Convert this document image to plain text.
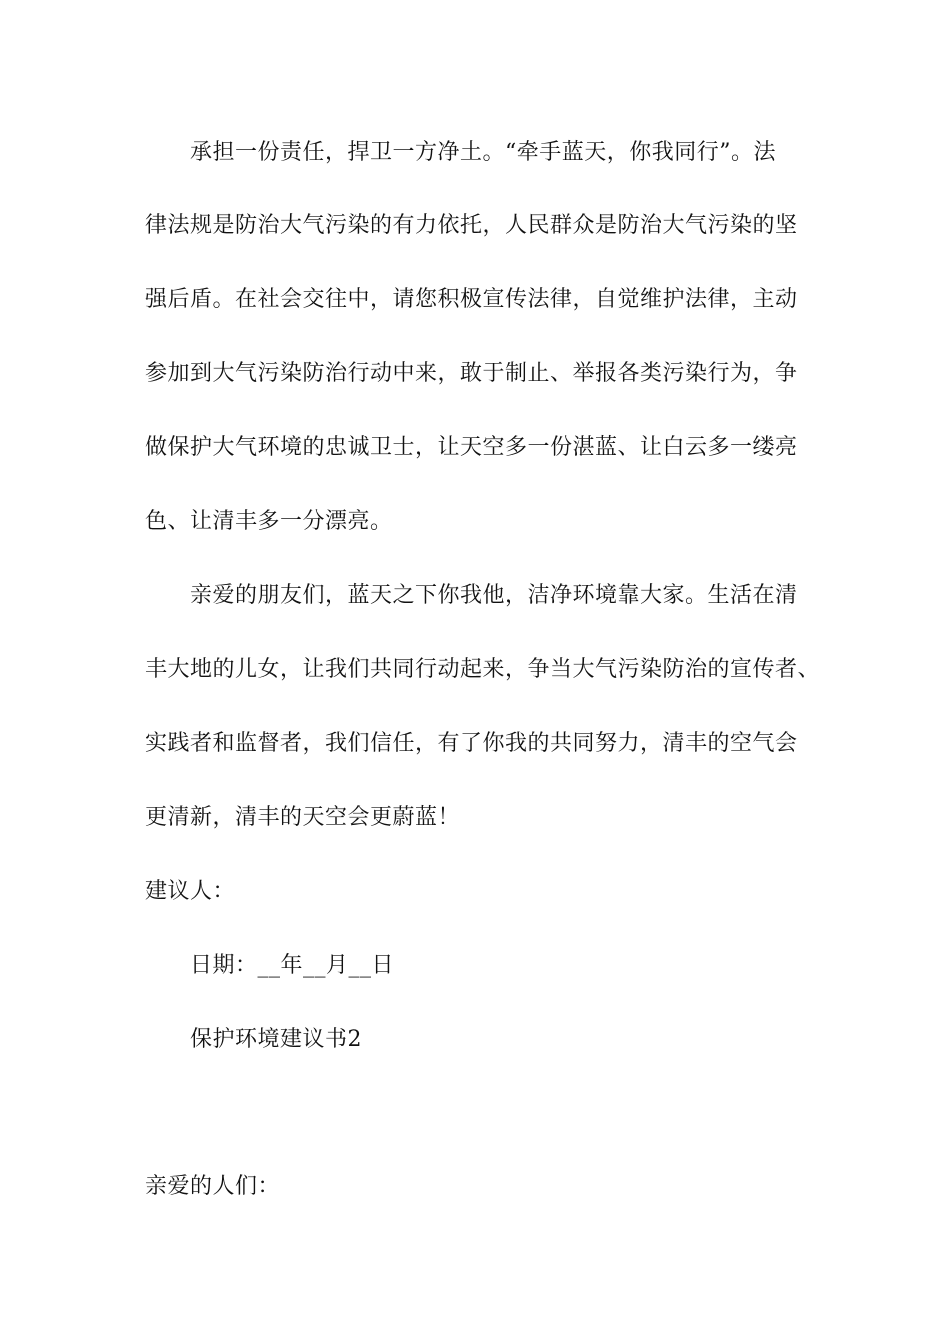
承担一份责任，捍卫一方净土。“牵手蓝天，你我同行”。法
律法规是防治大气污染的有力依托，人民群众是防治大气污染的坚
强后盾。在社会交往中，请您积极宣传法律，自觉维护法律，主动
参加到大气污染防治行动中来，敢于制止、举报各类污染行为，争
做保护大气环境的忠诚卫士，让天空多一份湛蓝、让白云多一缕亮
色、让清丰多一分漂亮。
亲爱的朋友们，蓝天之下你我他，洁净环境靠大家。生活在清
丰大地的儿女，让我们共同行动起来，争当大气污染防治的宣传者、
实践者和监督者，我们信任，有了你我的共同努力，清丰的空气会
更清新，清丰的天空会更蔚蓝！
建议人：
日期：__年__月__日
保护环境建议书2
亲爱的人们：
